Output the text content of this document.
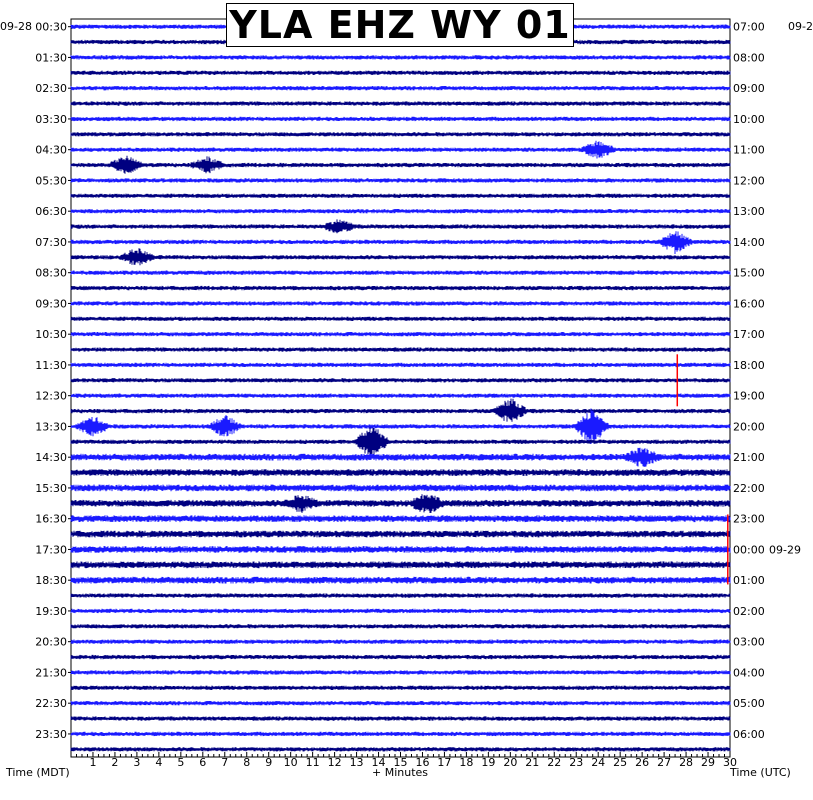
00:30
01:30
02:30
03:30
04:30
05:30
06:30
07:30
08:30
09:30
10:30
11:30
12:30
13:30
14:30
15:30
16:30
17:30
18:30
19:30
20:30
21:30
22:30
23:30
07:00
08:00
09:00
10:00
11:00
12:00
13:00
14:00
15:00
16:00
17:00
18:00
19:00
20:00
21:00
22:00
23:00
00:00 09-29
01:00
02:00
03:00
04:00
05:00
06:00
1 2 3 4 5 6 7 8 9 10 11 12 13 14 15 16 17 18 19 20 21 22 23 24 25 26 27 28 29 30
YLA EHZ WY 01
09-28	09-2
Time (MDT)	+ Minutes	Time (UTC)
